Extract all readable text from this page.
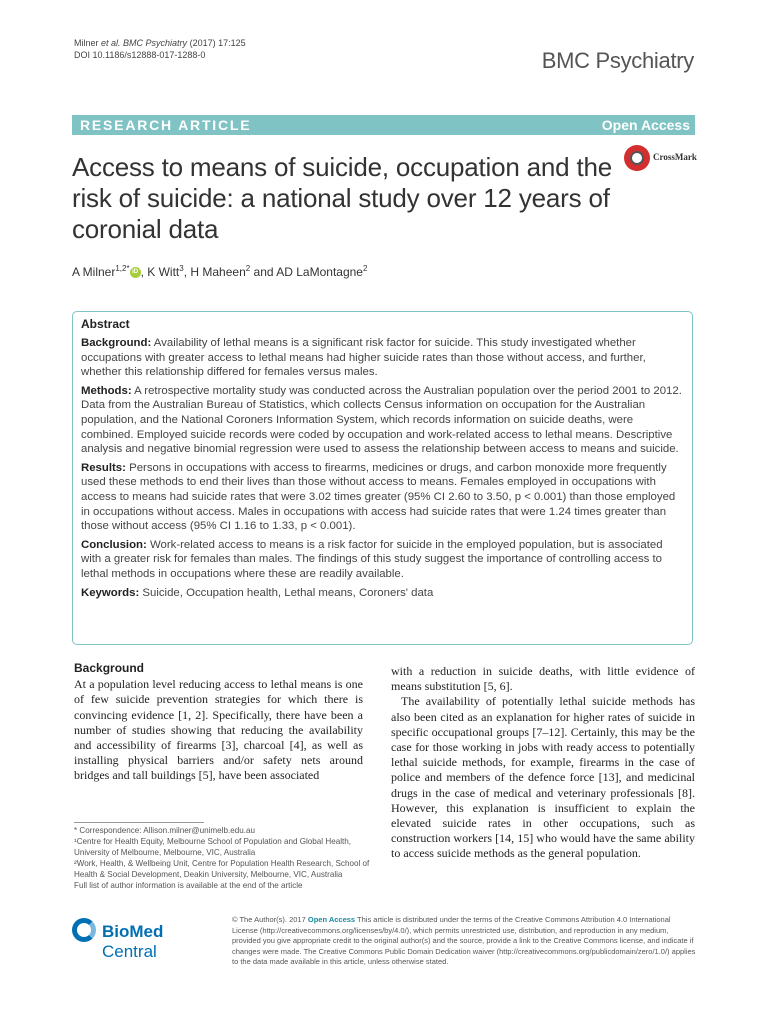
Milner et al. BMC Psychiatry (2017) 17:125
DOI 10.1186/s12888-017-1288-0	BMC Psychiatry
RESEARCH ARTICLE	Open Access
Access to means of suicide, occupation and the risk of suicide: a national study over 12 years of coronial data
CrossMark
A Milner$^{1,2*}$ iD , K Witt$^3$, H Maheen$^2$ and AD LaMontagne$^2$
Abstract

Background: Availability of lethal means is a significant risk factor for suicide. This study investigated whether occupations with greater access to lethal means had higher suicide rates than those without access, and further, whether this relationship differed for females versus males.

Methods: A retrospective mortality study was conducted across the Australian population over the period 2001 to 2012. Data from the Australian Bureau of Statistics, which collects Census information on occupation for the Australian population, and the National Coroners Information System, which records information on suicide deaths, were combined. Employed suicide records were coded by occupation and work-related access to lethal means. Descriptive analysis and negative binomial regression were used to assess the relationship between access to means and suicide.

Results: Persons in occupations with access to firearms, medicines or drugs, and carbon monoxide more frequently used these methods to end their lives than those without access to means. Females employed in occupations with access to means had suicide rates that were 3.02 times greater (95% CI 2.60 to 3.50, p < 0.001) than those employed in occupations without access. Males in occupations with access had suicide rates that were 1.24 times greater than those without access (95% CI 1.16 to 1.33, p < 0.001).

Conclusion: Work-related access to means is a risk factor for suicide in the employed population, but is associated with a greater risk for females than males. The findings of this study suggest the importance of controlling access to lethal methods in occupations where these are readily available.

Keywords: Suicide, Occupation health, Lethal means, Coroners' data

Background

At a population level reducing access to lethal means is one of few suicide prevention strategies for which there is convincing evidence [1, 2]. Specifically, there have been a number of studies showing that reducing the availability and accessibility of firearms [3], charcoal [4], as well as installing physical barriers and/or safety nets around bridges and tall buildings [5], have been associated

with a reduction in suicide deaths, with little evidence of means substitution [5, 6].

The availability of potentially lethal suicide methods has also been cited as an explanation for higher rates of suicide in specific occupational groups [7–12]. Certainly, this may be the case for those working in jobs with ready access to potentially lethal suicide methods, for example, firearms in the case of police and members of the defence force [13], and medicinal drugs in the case of medical and veterinary professionals [8]. However, this explanation is insufficient to explain the elevated suicide rates in other occupations, such as construction workers [14, 15] who would have the same ability to access suicide methods as the general population.

* Correspondence: Allison.milner@unimelb.edu.au

¹Centre for Health Equity, Melbourne School of Population and Global Health, University of Melbourne, Melbourne, VIC, Australia

²Work, Health, & Wellbeing Unit, Centre for Population Health Research, School of Health & Social Development, Deakin University, Melbourne, VIC, Australia

Full list of author information is available at the end of the article

BioMed Central
© The Author(s). 2017 Open Access This article is distributed under the terms of the Creative Commons Attribution 4.0 International License (http://creativecommons.org/licenses/by/4.0/), which permits unrestricted use, distribution, and reproduction in any medium, provided you give appropriate credit to the original author(s) and the source, provide a link to the Creative Commons license, and indicate if changes were made. The Creative Commons Public Domain Dedication waiver (http://creativecommons.org/publicdomain/zero/1.0/) applies to the data made available in this article, unless otherwise stated.
